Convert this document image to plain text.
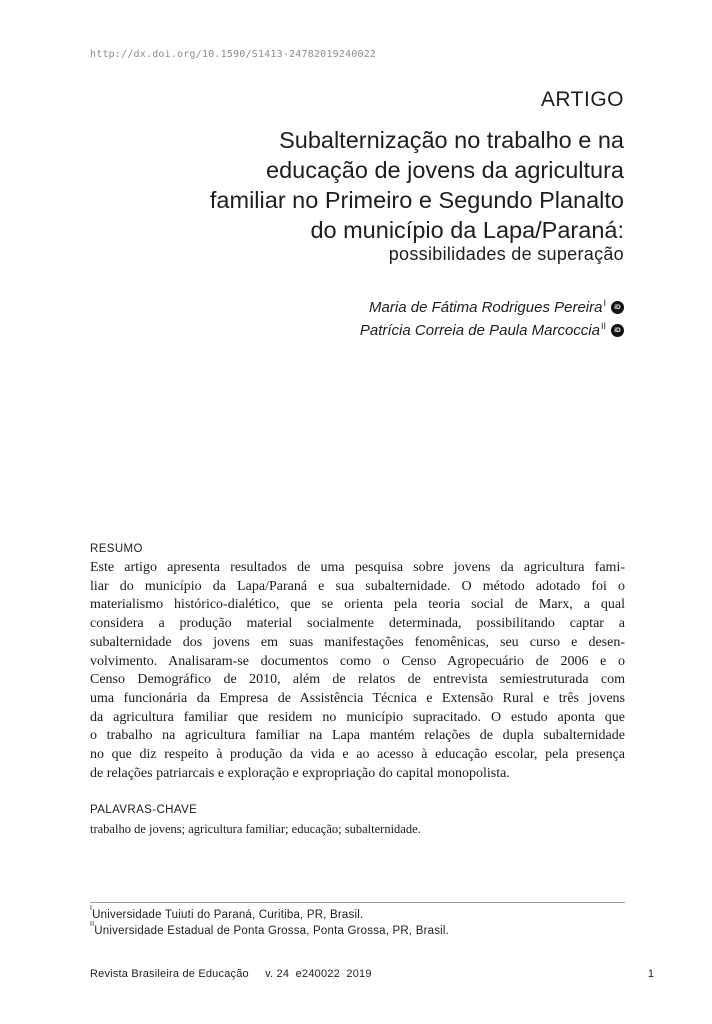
http://dx.doi.org/10.1590/S1413-24782019240022
ARTIGO
Subalternização no trabalho e na
educação de jovens da agricultura
familiar no Primeiro e Segundo Planalto
do município da Lapa/Paraná:
possibilidades de superação
Maria de Fátima Rodrigues Pereira$^I$	iD
Patrícia Correia de Paula Marcoccia$^{II}$	iD
RESUMO
Este artigo apresenta resultados de uma pesquisa sobre jovens da agricultura fami-
liar do município da Lapa/Paraná e sua subalternidade. O método adotado foi o
materialismo histórico-dialético, que se orienta pela teoria social de Marx, a qual
considera a produção material socialmente determinada, possibilitando captar a
subalternidade dos jovens em suas manifestações fenomênicas, seu curso e desen-
volvimento. Analisaram-se documentos como o Censo Agropecuário de 2006 e o
Censo Demográfico de 2010, além de relatos de entrevista semiestruturada com
uma funcionária da Empresa de Assistência Técnica e Extensão Rural e três jovens
da agricultura familiar que residem no município supracitado. O estudo aponta que
o trabalho na agricultura familiar na Lapa mantém relações de dupla subalternidade
no que diz respeito à produção da vida e ao acesso à educação escolar, pela presença
de relações patriarcais e exploração e expropriação do capital monopolista.
PALAVRAS-CHAVE
trabalho de jovens; agricultura familiar; educação; subalternidade.
$^I$Universidade Tuiuti do Paraná, Curitiba, PR, Brasil.
$^{II}$Universidade Estadual de Ponta Grossa, Ponta Grossa, PR, Brasil.
Revista Brasileira de Educação v. 24  e240022  2019	1
